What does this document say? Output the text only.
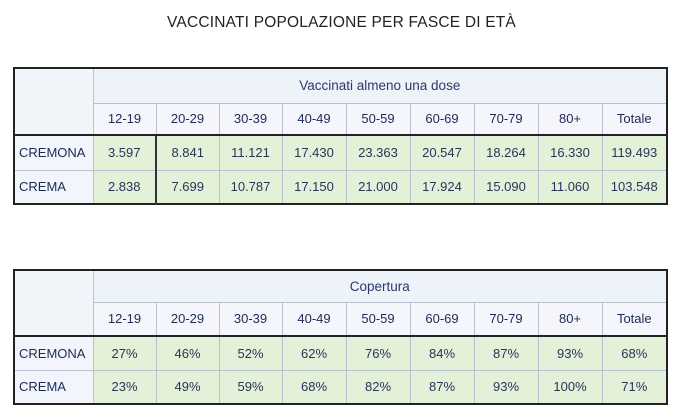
VACCINATI POPOLAZIONE PER FASCE DI ETÀ
	Vaccinati almeno una dose								
	12-19	20-29	30-39	40-49	50-59	60-69	70-79	80+	Totale
CREMONA	3.597	8.841	11.121	17.430	23.363	20.547	18.264	16.330	119.493
CREMA	2.838	7.699	10.787	17.150	21.000	17.924	15.090	11.060	103.548
	Copertura								
	12-19	20-29	30-39	40-49	50-59	60-69	70-79	80+	Totale
CREMONA	27%	46%	52%	62%	76%	84%	87%	93%	68%
CREMA	23%	49%	59%	68%	82%	87%	93%	100%	71%
